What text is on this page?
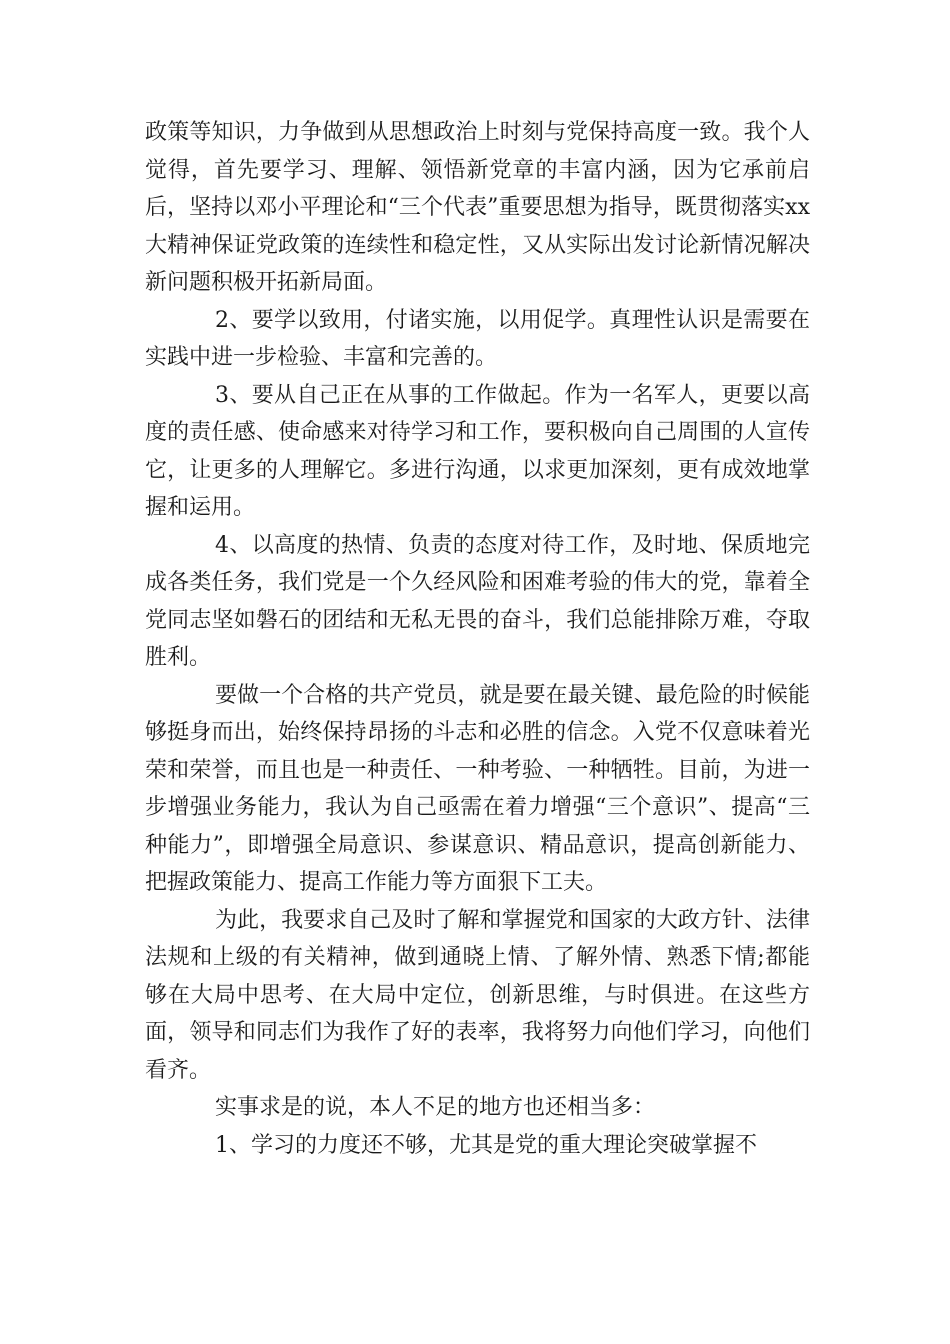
政策等知识，力争做到从思想政治上时刻与党保持高度一致。我个人觉得，首先要学习、理解、领悟新党章的丰富内涵，因为它承前启后，坚持以邓小平理论和“三个代表”重要思想为指导，既贯彻落实xx大精神保证党政策的连续性和稳定性，又从实际出发讨论新情况解决新问题积极开拓新局面。

2、要学以致用，付诸实施，以用促学。真理性认识是需要在实践中进一步检验、丰富和完善的。

3、要从自己正在从事的工作做起。作为一名军人，更要以高度的责任感、使命感来对待学习和工作，要积极向自己周围的人宣传它，让更多的人理解它。多进行沟通，以求更加深刻，更有成效地掌握和运用。

4、以高度的热情、负责的态度对待工作，及时地、保质地完成各类任务，我们党是一个久经风险和困难考验的伟大的党，靠着全党同志坚如磐石的团结和无私无畏的奋斗，我们总能排除万难，夺取胜利。

要做一个合格的共产党员，就是要在最关键、最危险的时候能够挺身而出，始终保持昂扬的斗志和必胜的信念。入党不仅意味着光荣和荣誉，而且也是一种责任、一种考验、一种牺牲。目前，为进一步增强业务能力，我认为自己亟需在着力增强“三个意识”、提高“三种能力”，即增强全局意识、参谋意识、精品意识，提高创新能力、把握政策能力、提高工作能力等方面狠下工夫。

为此，我要求自己及时了解和掌握党和国家的大政方针、法律法规和上级的有关精神，做到通晓上情、了解外情、熟悉下情;都能够在大局中思考、在大局中定位，创新思维，与时俱进。在这些方面，领导和同志们为我作了好的表率，我将努力向他们学习，向他们看齐。

实事求是的说，本人不足的地方也还相当多：

1、学习的力度还不够，尤其是党的重大理论突破掌握不
